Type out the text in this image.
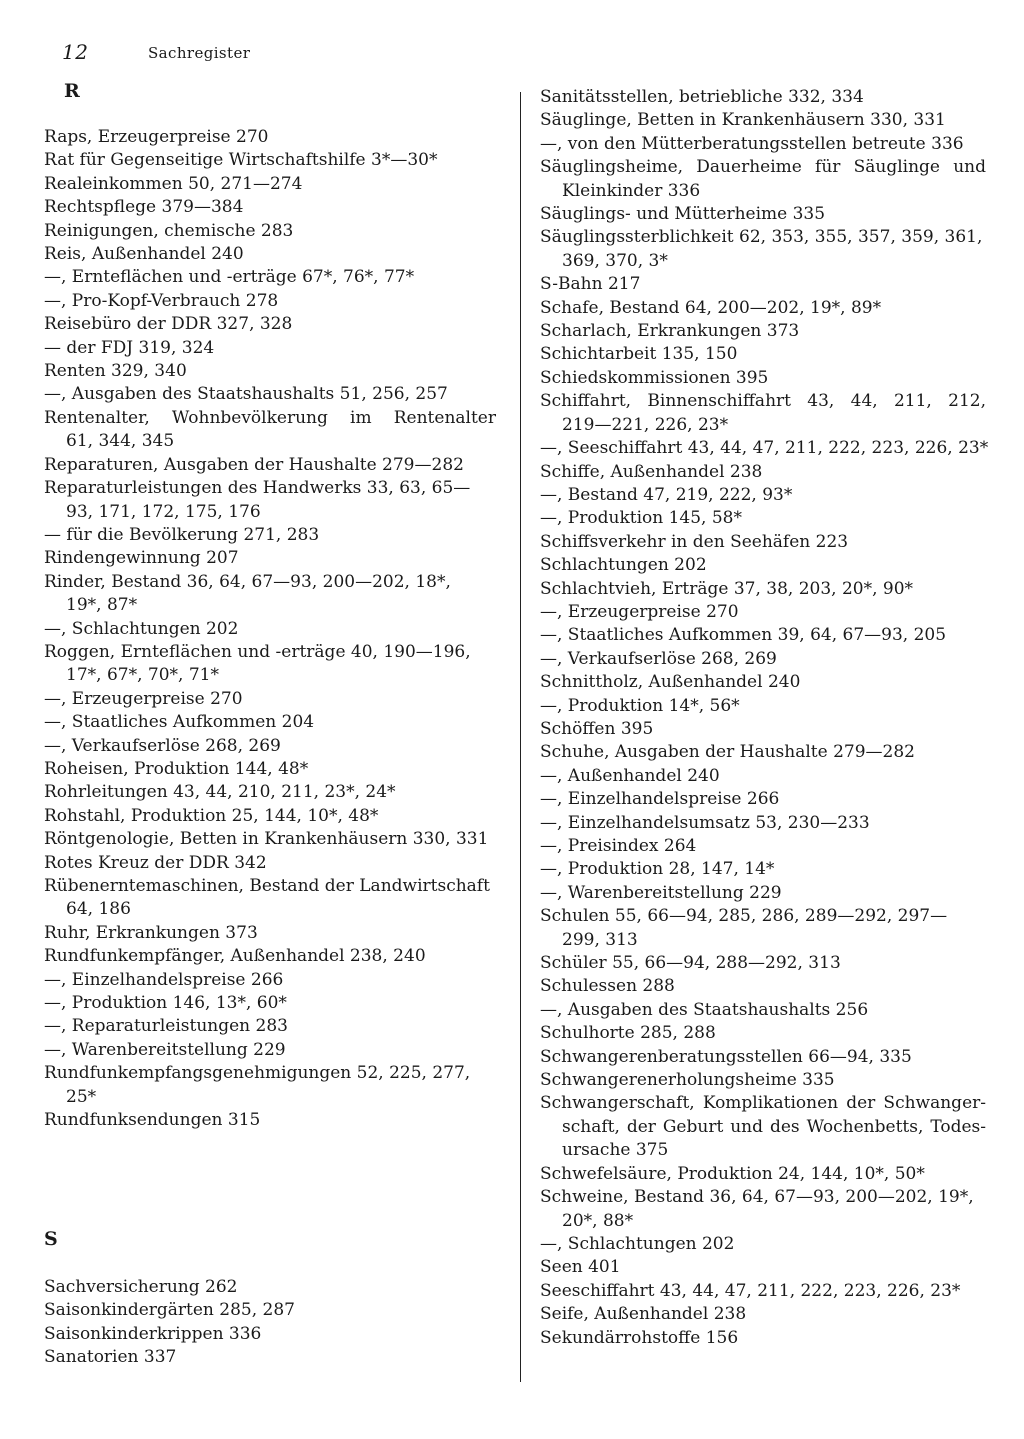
12	Sachregister
R
Raps, Erzeugerpreise 270
Rat für Gegenseitige Wirtschaftshilfe 3*—30*
Realeinkommen 50, 271—274
Rechtspflege 379—384
Reinigungen, chemische 283
Reis, Außenhandel 240
—, Ernteflächen und -erträge 67*, 76*, 77*
—, Pro-Kopf-Verbrauch 278
Reisebüro der DDR 327, 328
— der FDJ 319, 324
Renten 329, 340
—, Ausgaben des Staatshaushalts 51, 256, 257
Rentenalter, Wohnbevölkerung im Rentenalter
61, 344, 345
Reparaturen, Ausgaben der Haushalte 279—282
Reparaturleistungen des Handwerks 33, 63, 65—
93, 171, 172, 175, 176
— für die Bevölkerung 271, 283
Rindengewinnung 207
Rinder, Bestand 36, 64, 67—93, 200—202, 18*,
19*, 87*
—, Schlachtungen 202
Roggen, Ernteflächen und -erträge 40, 190—196,
17*, 67*, 70*, 71*
—, Erzeugerpreise 270
—, Staatliches Aufkommen 204
—, Verkaufserlöse 268, 269
Roheisen, Produktion 144, 48*
Rohrleitungen 43, 44, 210, 211, 23*, 24*
Rohstahl, Produktion 25, 144, 10*, 48*
Röntgenologie, Betten in Krankenhäusern 330, 331
Rotes Kreuz der DDR 342
Rübenerntemaschinen, Bestand der Landwirtschaft
64, 186
Ruhr, Erkrankungen 373
Rundfunkempfänger, Außenhandel 238, 240
—, Einzelhandelspreise 266
—, Produktion 146, 13*, 60*
—, Reparaturleistungen 283
—, Warenbereitstellung 229
Rundfunkempfangsgenehmigungen 52, 225, 277,
25*
Rundfunksendungen 315
S
Sachversicherung 262
Saisonkindergärten 285, 287
Saisonkinderkrippen 336
Sanatorien 337
Sanitätsstellen, betriebliche 332, 334
Säuglinge, Betten in Krankenhäusern 330, 331
—, von den Mütterberatungsstellen betreute 336
Säuglingsheime, Dauerheime für Säuglinge und
Kleinkinder 336
Säuglings- und Mütterheime 335
Säuglingssterblichkeit 62, 353, 355, 357, 359, 361,
369, 370, 3*
S-Bahn 217
Schafe, Bestand 64, 200—202, 19*, 89*
Scharlach, Erkrankungen 373
Schichtarbeit 135, 150
Schiedskommissionen 395
Schiffahrt, Binnenschiffahrt 43, 44, 211, 212,
219—221, 226, 23*
—, Seeschiffahrt 43, 44, 47, 211, 222, 223, 226, 23*
Schiffe, Außenhandel 238
—, Bestand 47, 219, 222, 93*
—, Produktion 145, 58*
Schiffsverkehr in den Seehäfen 223
Schlachtungen 202
Schlachtvieh, Erträge 37, 38, 203, 20*, 90*
—, Erzeugerpreise 270
—, Staatliches Aufkommen 39, 64, 67—93, 205
—, Verkaufserlöse 268, 269
Schnittholz, Außenhandel 240
—, Produktion 14*, 56*
Schöffen 395
Schuhe, Ausgaben der Haushalte 279—282
—, Außenhandel 240
—, Einzelhandelspreise 266
—, Einzelhandelsumsatz 53, 230—233
—, Preisindex 264
—, Produktion 28, 147, 14*
—, Warenbereitstellung 229
Schulen 55, 66—94, 285, 286, 289—292, 297—
299, 313
Schüler 55, 66—94, 288—292, 313
Schulessen 288
—, Ausgaben des Staatshaushalts 256
Schulhorte 285, 288
Schwangerenberatungsstellen 66—94, 335
Schwangerenerholungsheime 335
Schwangerschaft, Komplikationen der Schwanger-
schaft, der Geburt und des Wochenbetts, Todes-
ursache 375
Schwefelsäure, Produktion 24, 144, 10*, 50*
Schweine, Bestand 36, 64, 67—93, 200—202, 19*,
20*, 88*
—, Schlachtungen 202
Seen 401
Seeschiffahrt 43, 44, 47, 211, 222, 223, 226, 23*
Seife, Außenhandel 238
Sekundärrohstoffe 156
